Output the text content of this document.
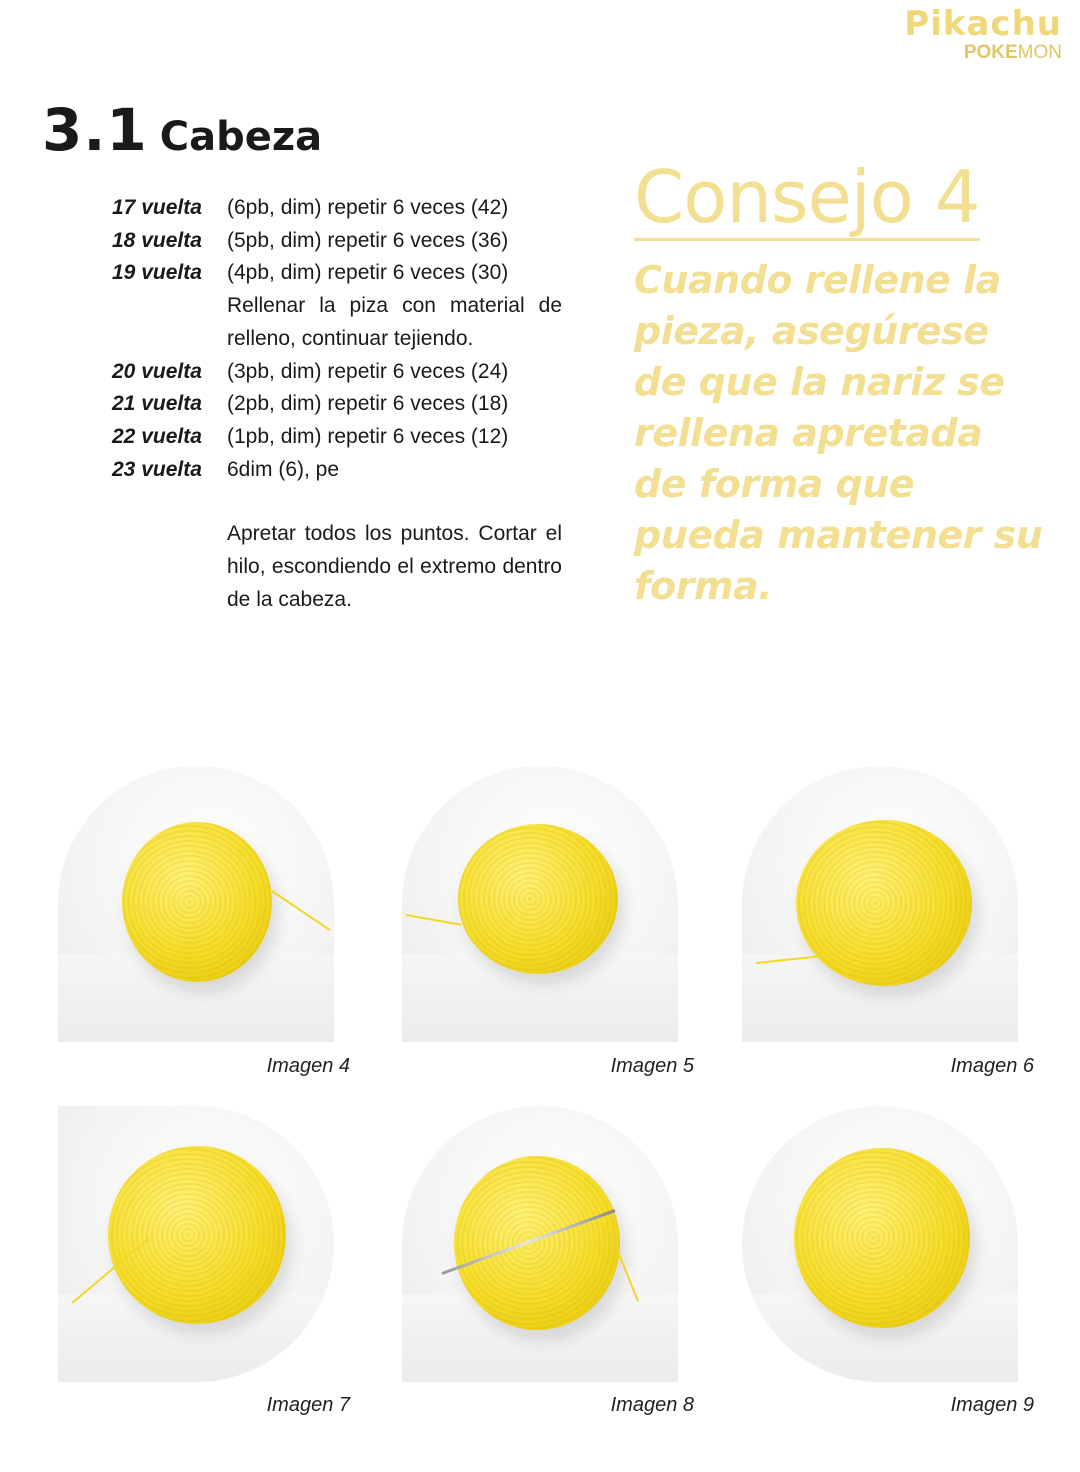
Pikachu
POKEMON
3.1 Cabeza
17 vuelta	(6pb, dim) repetir 6 veces (42)
18 vuelta	(5pb, dim) repetir 6 veces (36)
19 vuelta	(4pb, dim) repetir 6 veces (30)
Rellenar la piza con material de relleno, continuar tejiendo.
20 vuelta	(3pb, dim) repetir 6 veces (24)
21 vuelta	(2pb, dim) repetir 6 veces (18)
22 vuelta	(1pb, dim) repetir 6 veces (12)
23 vuelta	6dim (6), pe
Apretar todos los puntos. Cortar el hilo, escondiendo el extremo dentro de la cabeza.
Consejo 4
Cuando rellene la pieza, asegúrese de que la nariz se rellena apretada de forma que pueda mantener su forma.
Imagen 4	Imagen 5	Imagen 6
Imagen 7	Imagen 8	Imagen 9
